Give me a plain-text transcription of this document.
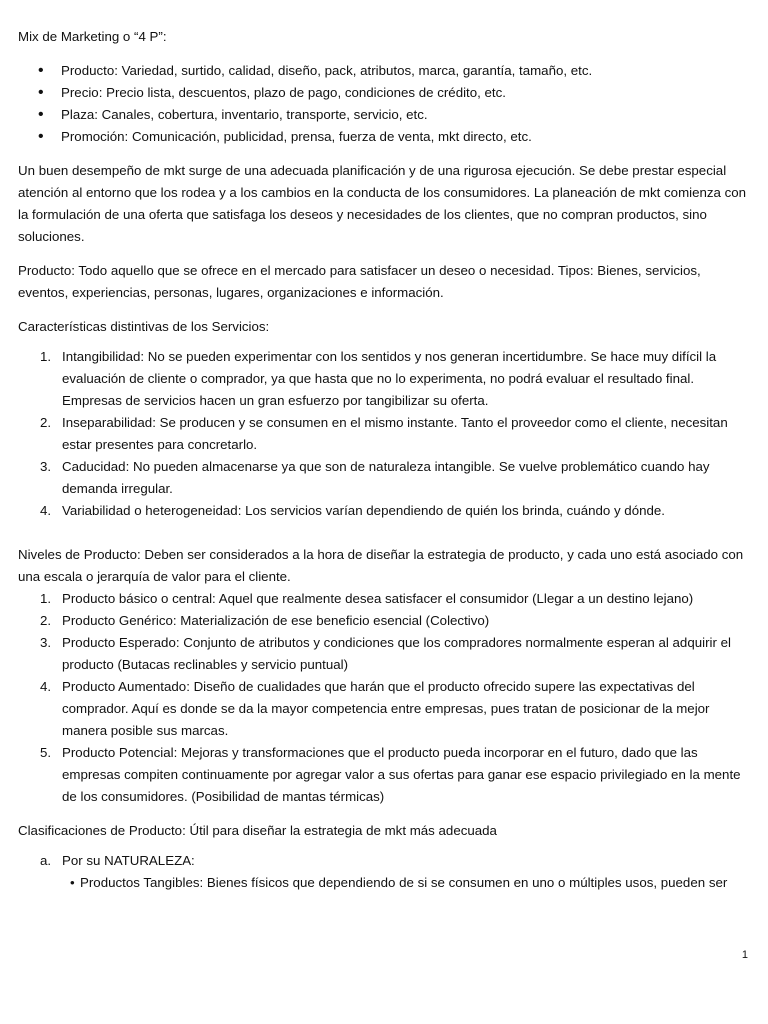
Mix de Marketing o “4 P”:

• Producto: Variedad, surtido, calidad, diseño, pack, atributos, marca, garantía, tamaño, etc.
• Precio: Precio lista, descuentos, plazo de pago, condiciones de crédito, etc.
• Plaza: Canales, cobertura, inventario, transporte, servicio, etc.
• Promoción: Comunicación, publicidad, prensa, fuerza de venta, mkt directo, etc.

Un buen desempeño de mkt surge de una adecuada planificación y de una rigurosa ejecución. Se debe prestar especial atención al entorno que los rodea y a los cambios en la conducta de los consumidores. La planeación de mkt comienza con la formulación de una oferta que satisfaga los deseos y necesidades de los clientes, que no compran productos, sino soluciones.

Producto: Todo aquello que se ofrece en el mercado para satisfacer un deseo o necesidad. Tipos: Bienes, servicios, eventos, experiencias, personas, lugares, organizaciones e información.

Características distintivas de los Servicios:

1. Intangibilidad: No se pueden experimentar con los sentidos y nos generan incertidumbre. Se hace muy difícil la evaluación de cliente o comprador, ya que hasta que no lo experimenta, no podrá evaluar el resultado final. Empresas de servicios hacen un gran esfuerzo por tangibilizar su oferta.
2. Inseparabilidad: Se producen y se consumen en el mismo instante. Tanto el proveedor como el cliente, necesitan estar presentes para concretarlo.
3. Caducidad: No pueden almacenarse ya que son de naturaleza intangible. Se vuelve problemático cuando hay demanda irregular.
4. Variabilidad o heterogeneidad: Los servicios varían dependiendo de quién los brinda, cuándo y dónde.

Niveles de Producto: Deben ser considerados a la hora de diseñar la estrategia de producto, y cada uno está asociado con una escala o jerarquía de valor para el cliente.

1. Producto básico o central: Aquel que realmente desea satisfacer el consumidor (Llegar a un destino lejano)
2. Producto Genérico: Materialización de ese beneficio esencial (Colectivo)
3. Producto Esperado: Conjunto de atributos y condiciones que los compradores normalmente esperan al adquirir el producto (Butacas reclinables y servicio puntual)
4. Producto Aumentado: Diseño de cualidades que harán que el producto ofrecido supere las expectativas del comprador. Aquí es donde se da la mayor competencia entre empresas, pues tratan de posicionar de la mejor manera posible sus marcas.
5. Producto Potencial: Mejoras y transformaciones que el producto pueda incorporar en el futuro, dado que las empresas compiten continuamente por agregar valor a sus ofertas para ganar ese espacio privilegiado en la mente de los consumidores. (Posibilidad de mantas térmicas)

Clasificaciones de Producto: Útil para diseñar la estrategia de mkt más adecuada

a. Por su NATURALEZA:
• Productos Tangibles: Bienes físicos que dependiendo de si se consumen en uno o múltiples usos, pueden ser
1
